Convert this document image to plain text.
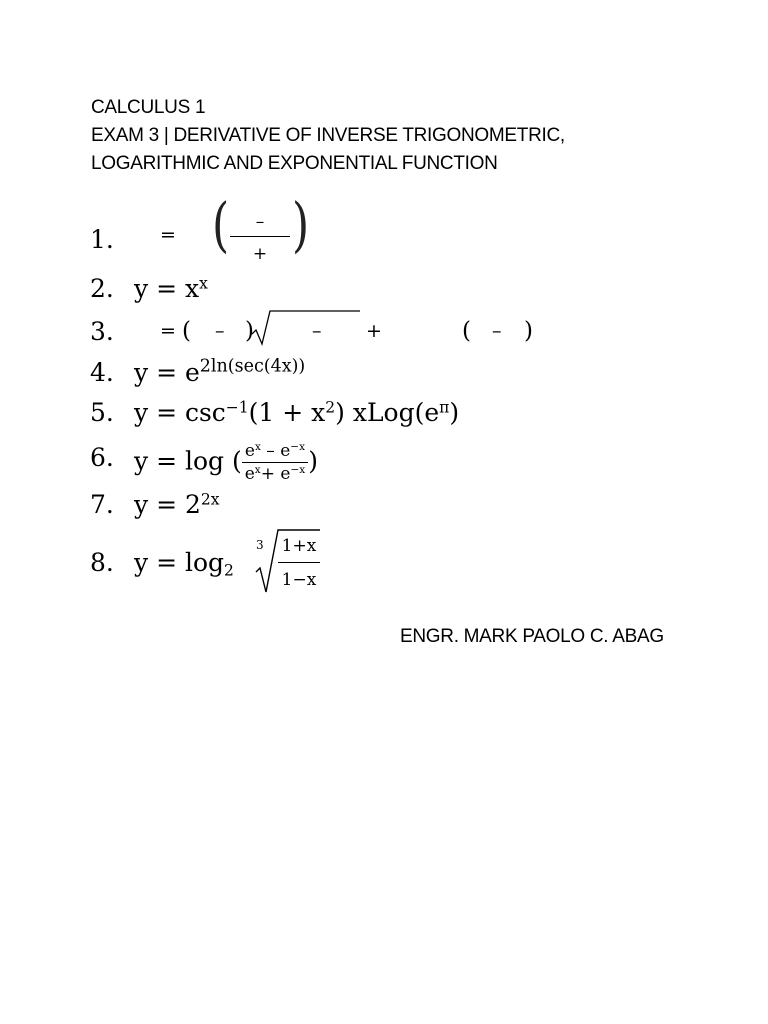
CALCULUS 1
EXAM 3 | DERIVATIVE OF INVERSE TRIGONOMETRIC,
LOGARITHMIC AND EXPONENTIAL FUNCTION
1.	= (	–
+ )
2. $y = x^x$
3.	= ( – )	– +	( – )
4. $y = e^{2ln(sec(4x))}$
5. $y = \csc^{-1}(1 + x^2)$ $xLog(e^\pi)$
6. y = log ( $\frac{e^x - e^{-x}}{e^x+ e^{-x}}$ )
7. $y = 2^{2x}$
8. $y = \log_2$
3 1+x
1−x
ENGR. MARK PAOLO C. ABAG
